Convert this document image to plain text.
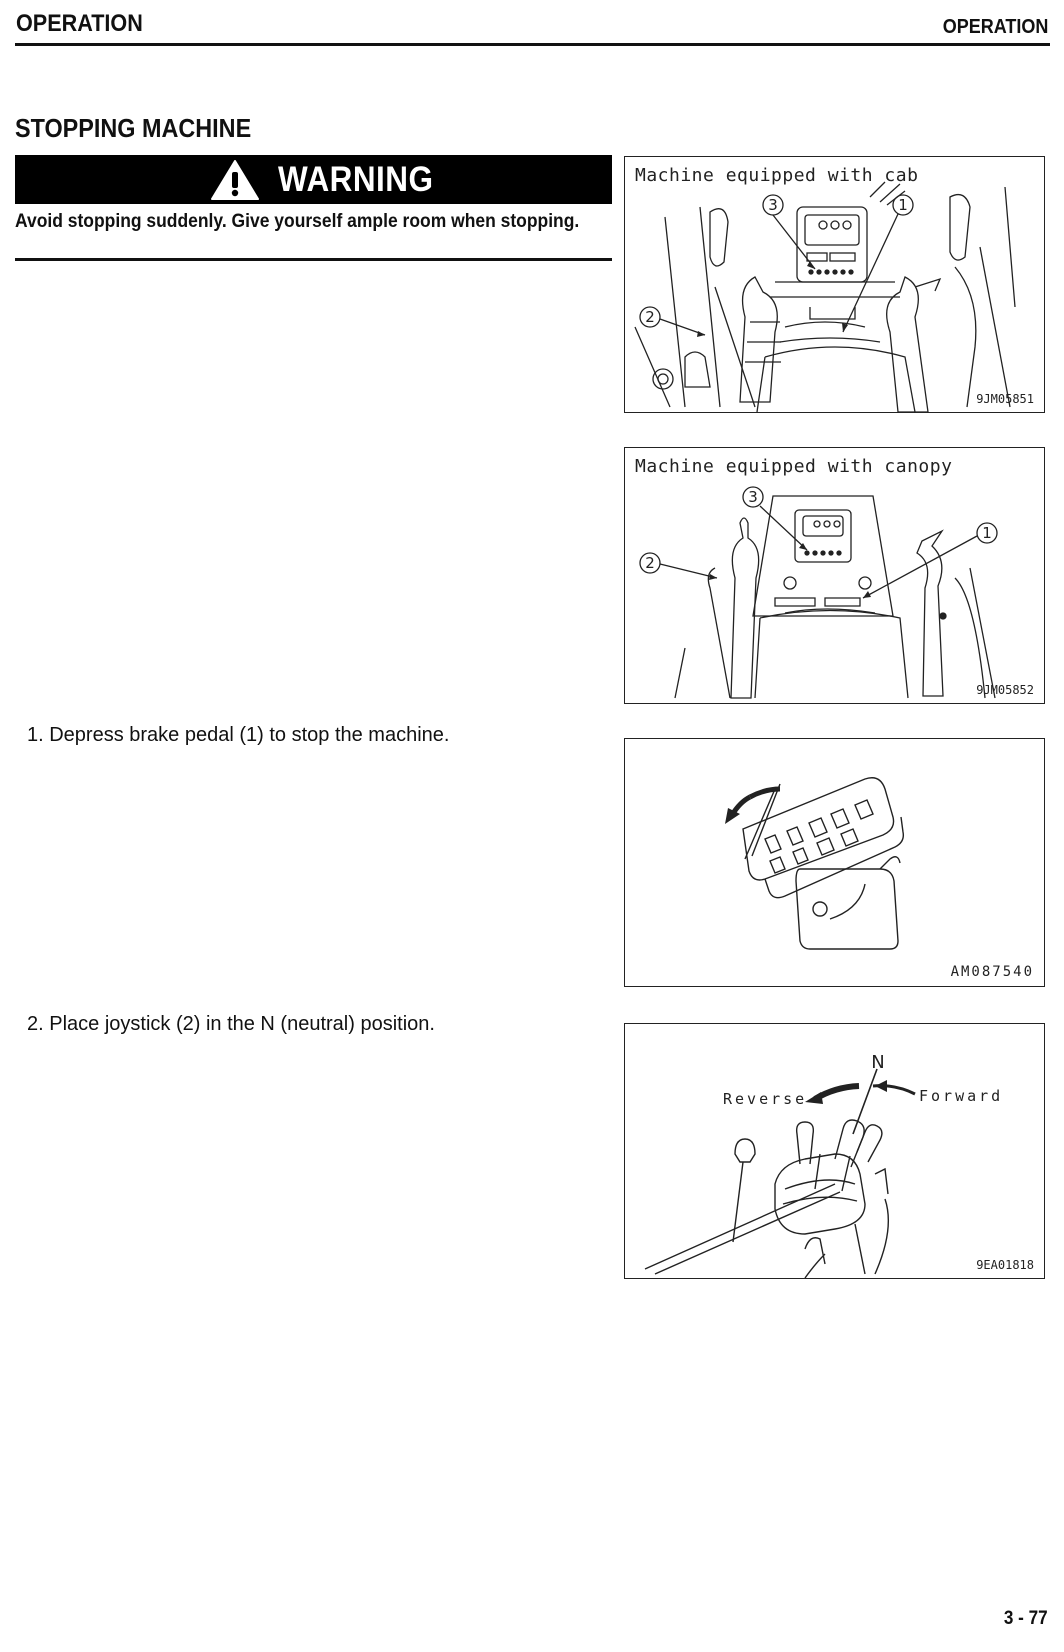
OPERATION	OPERATION
STOPPING MACHINE
WARNING
Avoid stopping suddenly. Give yourself ample room when stopping.
1. Depress brake pedal (1) to stop the machine.
2. Place joystick (2) in the N (neutral) position.
Machine equipped with cab
3	1
2
9JM05851
Machine equipped with canopy
3
1
2
9JM05852
AM087540
N
Reverse	Forward
9EA01818
3 - 77
